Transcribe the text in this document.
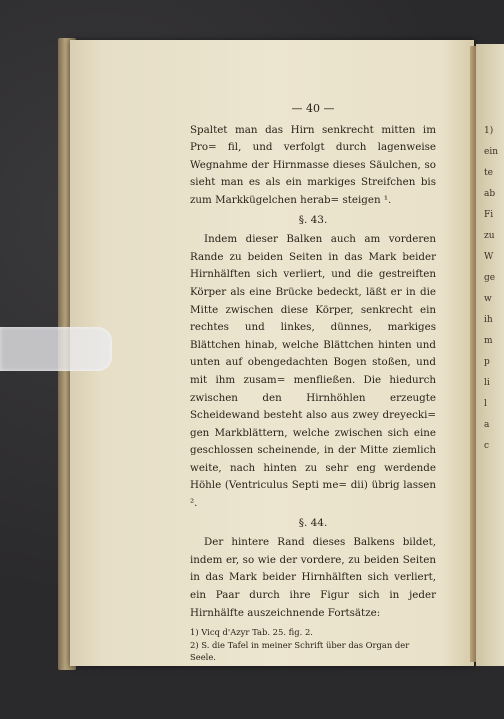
1)
ein
te
ab
Fi
zu
W
ge
w
ih
m
p
li
l
a
c
— 40 —

Spaltet man das Hirn senkrecht mitten im Pro= fil, und verfolgt durch lagenweise Wegnahme der Hirnmasse dieses Säulchen, so sieht man es als ein markiges Streifchen bis zum Markkügelchen herab= steigen ¹.

§. 43.

Indem dieser Balken auch am vorderen Rande zu beiden Seiten in das Mark beider Hirnhälften sich verliert, und die gestreiften Körper als eine Brücke bedeckt, läßt er in die Mitte zwischen diese Körper, senkrecht ein rechtes und linkes, dünnes, markiges Blättchen hinab, welche Blättchen hinten und unten auf obengedachten Bogen stoßen, und mit ihm zusam= menfließen. Die hiedurch zwischen den Hirnhöhlen erzeugte Scheidewand besteht also aus zwey dreyecki= gen Markblättern, welche zwischen sich eine geschlossen scheinende, in der Mitte ziemlich weite, nach hinten zu sehr eng werdende Höhle (Ventriculus Septi me= dii) übrig lassen ².

§. 44.

Der hintere Rand dieses Balkens bildet, indem er, so wie der vordere, zu beiden Seiten in das Mark beider Hirnhälften sich verliert, ein Paar durch ihre Figur sich in jeder Hirnhälfte auszeichnende Fortsätze:

1) Vicq d'Azyr Tab. 25. fig. 2.

2) S. die Tafel in meiner Schrift über das Organ der Seele.
